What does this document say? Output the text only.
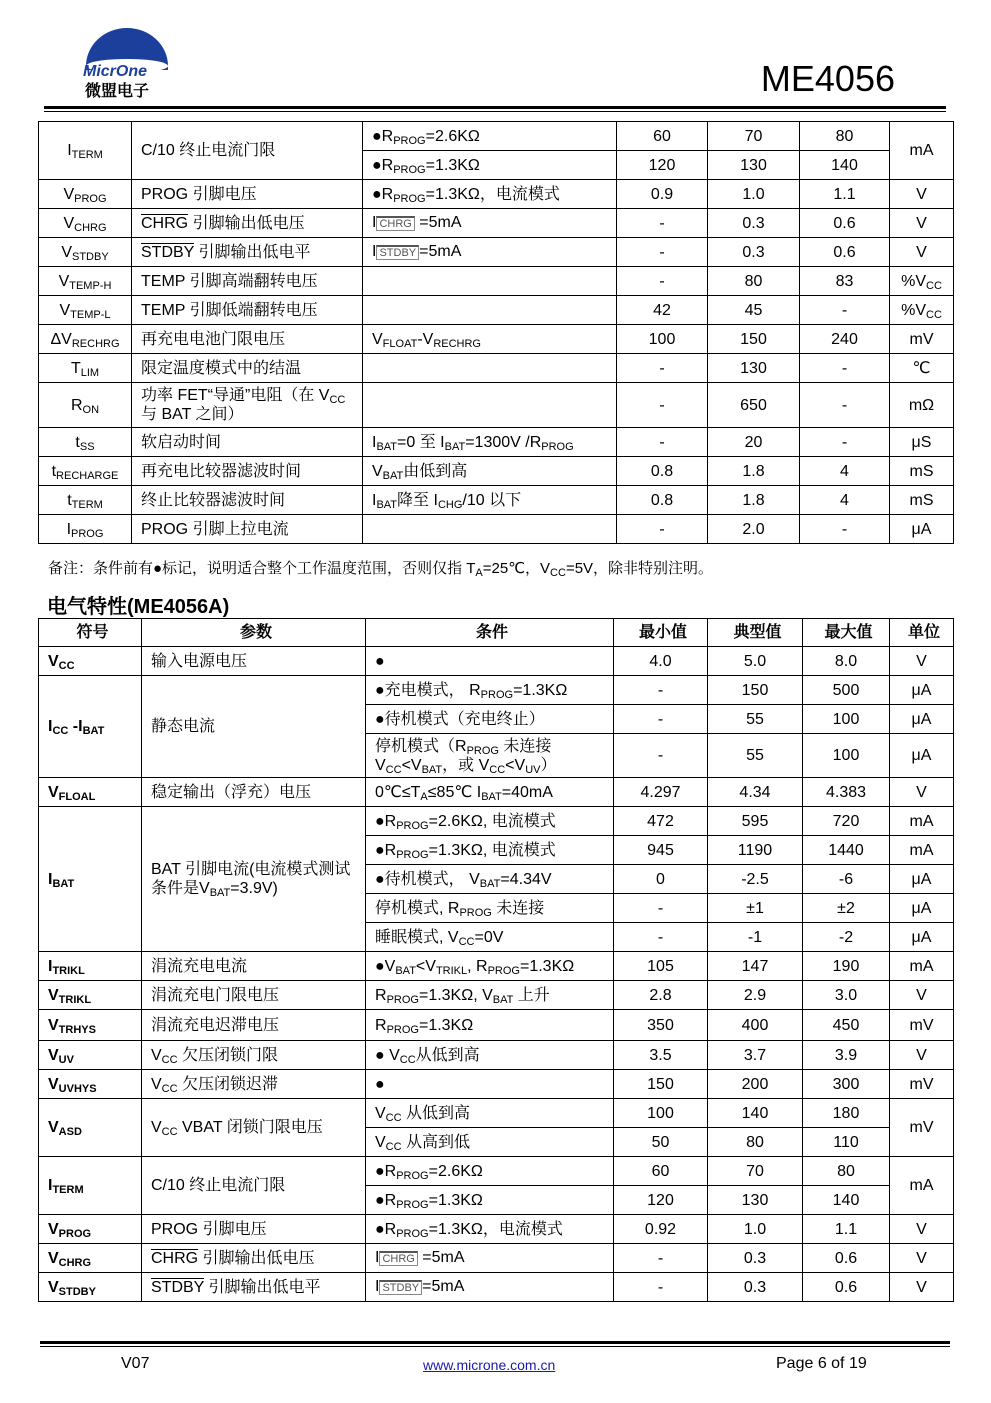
MicrOne
微盟电子	ME4056
$I_{TERM}$	C/10 终止电流门限	$●R_{PROG}=2.6K\Omega$	60	70	80	mA
		$●R_{PROG}=1.3K\Omega$	120	130	140	
$V_{PROG}$	PROG 引脚电压	$●R_{PROG}=1.3K\Omega$，电流模式	0.9	1.0	1.1	V
$V_{CHRG}$	CHRG 引脚输出低电压	I CHRG =5mA	-	0.3	0.6	V
$V_{STDBY}$	STDBY 引脚输出低电平	I STDBY =5mA	-	0.3	0.6	V
$V_{TEMP-H}$	TEMP 引脚高端翻转电压		-	80	83	$\%V_{CC}$
$V_{TEMP-L}$	TEMP 引脚低端翻转电压		42	45	-	$\%V_{CC}$
$\Delta V_{RECHRG}$	再充电电池门限电压	$V_{FLOAT}-V_{RECHRG}$	100	150	240	mV
$T_{LIM}$	限定温度模式中的结温		-	130	-	℃
$R_{ON}$	功率 FET“导通”电阻（在 $V_{CC}$ 与 BAT 之间）		-	650	-	mΩ
$t_{SS}$	软启动时间	$I_{BAT}=0$ 至 $I_{BAT}=1300V$ $/R_{PROG}$	-	20	-	μS
$t_{RECHARGE}$	再充电比较器滤波时间	$V_{BAT}$由低到高	0.8	1.8	4	mS
$t_{TERM}$	终止比较器滤波时间	$I_{BAT}$降至 $I_{CHG}/10$ 以下	0.8	1.8	4	mS
$I_{PROG}$	PROG 引脚上拉电流		-	2.0	-	μA
备注：条件前有●标记，说明适合整个工作温度范围，否则仅指 $T_A=25℃$，$V_{CC}=5V$，除非特别注明。
电气特性(ME4056A)
符号	参数	条件	最小值	典型值	最大值	单位
$V_{CC}$	输入电源电压	●	4.0	5.0	8.0	V
$I_{CC}$ $-I_{BAT}$	静态电流	●充电模式， $R_{PROG}=1.3K\Omega$	-	150	500	μA
		●待机模式（充电终止）	-	55	100	μA
		停机模式（$R_{PROG}$ 未连接
$V_{CC}<V_{BAT}$，或 $V_{CC}<V_{UV}$）	-	55	100	μA
$V_{FLOAL}$	稳定输出（浮充）电压	$0℃\le T_A\le 85℃$ $I_{BAT}=40mA$	4.297	4.34	4.383	V
$I_{BAT}$	BAT 引脚电流(电流模式测试条件是$V_{BAT}=3.9V$)	$●R_{PROG}=2.6K\Omega$, 电流模式	472	595	720	mA
		$●R_{PROG}=1.3K\Omega$, 电流模式	945	1190	1440	mA
		●待机模式， $V_{BAT}=4.34V$	0	-2.5	-6	μA
		停机模式, $R_{PROG}$ 未连接	-	±1	±2	μA
		睡眠模式, $V_{CC}=0V$	-	-1	-2	μA
$I_{TRIKL}$	涓流充电电流	$●V_{BAT}<V_{TRIKL}$, $R_{PROG}=1.3K\Omega$	105	147	190	mA
$V_{TRIKL}$	涓流充电门限电压	$R_{PROG}=1.3K\Omega$, $V_{BAT}$ 上升	2.8	2.9	3.0	V
$V_{TRHYS}$	涓流充电迟滞电压	$R_{PROG}=1.3K\Omega$	350	400	450	mV
$V_{UV}$	$V_{CC}$ 欠压闭锁门限	● $V_{CC}$从低到高	3.5	3.7	3.9	V
$V_{UVHYS}$	$V_{CC}$ 欠压闭锁迟滞	●	150	200	300	mV
$V_{ASD}$	$V_{CC}$ VBAT 闭锁门限电压	$V_{CC}$ 从低到高	100	140	180	mV
		$V_{CC}$ 从高到低	50	80	110	
$I_{TERM}$	C/10 终止电流门限	$●R_{PROG}=2.6K\Omega$	60	70	80	mA
		$●R_{PROG}=1.3K\Omega$	120	130	140	
$V_{PROG}$	PROG 引脚电压	$●R_{PROG}=1.3K\Omega$，电流模式	0.92	1.0	1.1	V
$V_{CHRG}$	CHRG 引脚输出低电压	I CHRG =5mA	-	0.3	0.6	V
$V_{STDBY}$	STDBY 引脚输出低电平	I STDBY =5mA	-	0.3	0.6	V
V07	www.microne.com.cn	Page 6 of 19
